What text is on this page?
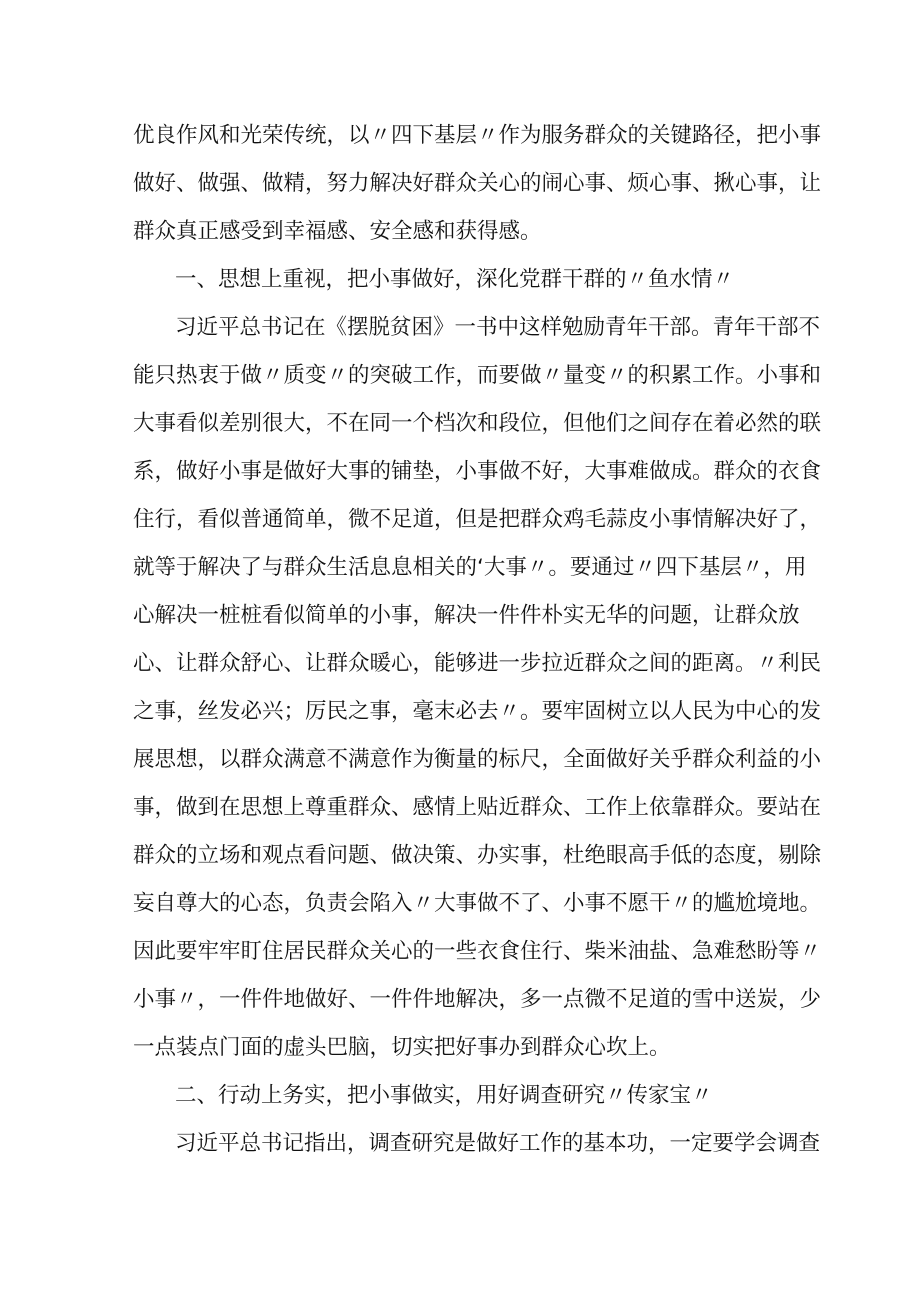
优良作风和光荣传统，以〃四下基层〃作为服务群众的关键路径，把小事
做好、做强、做精，努力解决好群众关心的闹心事、烦心事、揪心事，让
群众真正感受到幸福感、安全感和获得感。
一、思想上重视，把小事做好，深化党群干群的〃鱼水情〃
习近平总书记在《摆脱贫困》一书中这样勉励青年干部。青年干部不
能只热衷于做〃质变〃的突破工作，而要做〃量变〃的积累工作。小事和
大事看似差别很大，不在同一个档次和段位，但他们之间存在着必然的联
系，做好小事是做好大事的铺垫，小事做不好，大事难做成。群众的衣食
住行，看似普通简单，微不足道，但是把群众鸡毛蒜皮小事情解决好了，
就等于解决了与群众生活息息相关的‘大事〃。要通过〃四下基层〃，用
心解决一桩桩看似简单的小事，解决一件件朴实无华的问题，让群众放
心、让群众舒心、让群众暖心，能够进一步拉近群众之间的距离。〃利民
之事，丝发必兴；厉民之事，毫末必去〃。要牢固树立以人民为中心的发
展思想，以群众满意不满意作为衡量的标尺，全面做好关乎群众利益的小
事，做到在思想上尊重群众、感情上贴近群众、工作上依靠群众。要站在
群众的立场和观点看问题、做决策、办实事，杜绝眼高手低的态度，剔除
妄自尊大的心态，负责会陷入〃大事做不了、小事不愿干〃的尴尬境地。
因此要牢牢盯住居民群众关心的一些衣食住行、柴米油盐、急难愁盼等〃
小事〃，一件件地做好、一件件地解决，多一点微不足道的雪中送炭，少
一点装点门面的虚头巴脑，切实把好事办到群众心坎上。
二、行动上务实，把小事做实，用好调查研究〃传家宝〃
习近平总书记指出，调查研究是做好工作的基本功，一定要学会调查
